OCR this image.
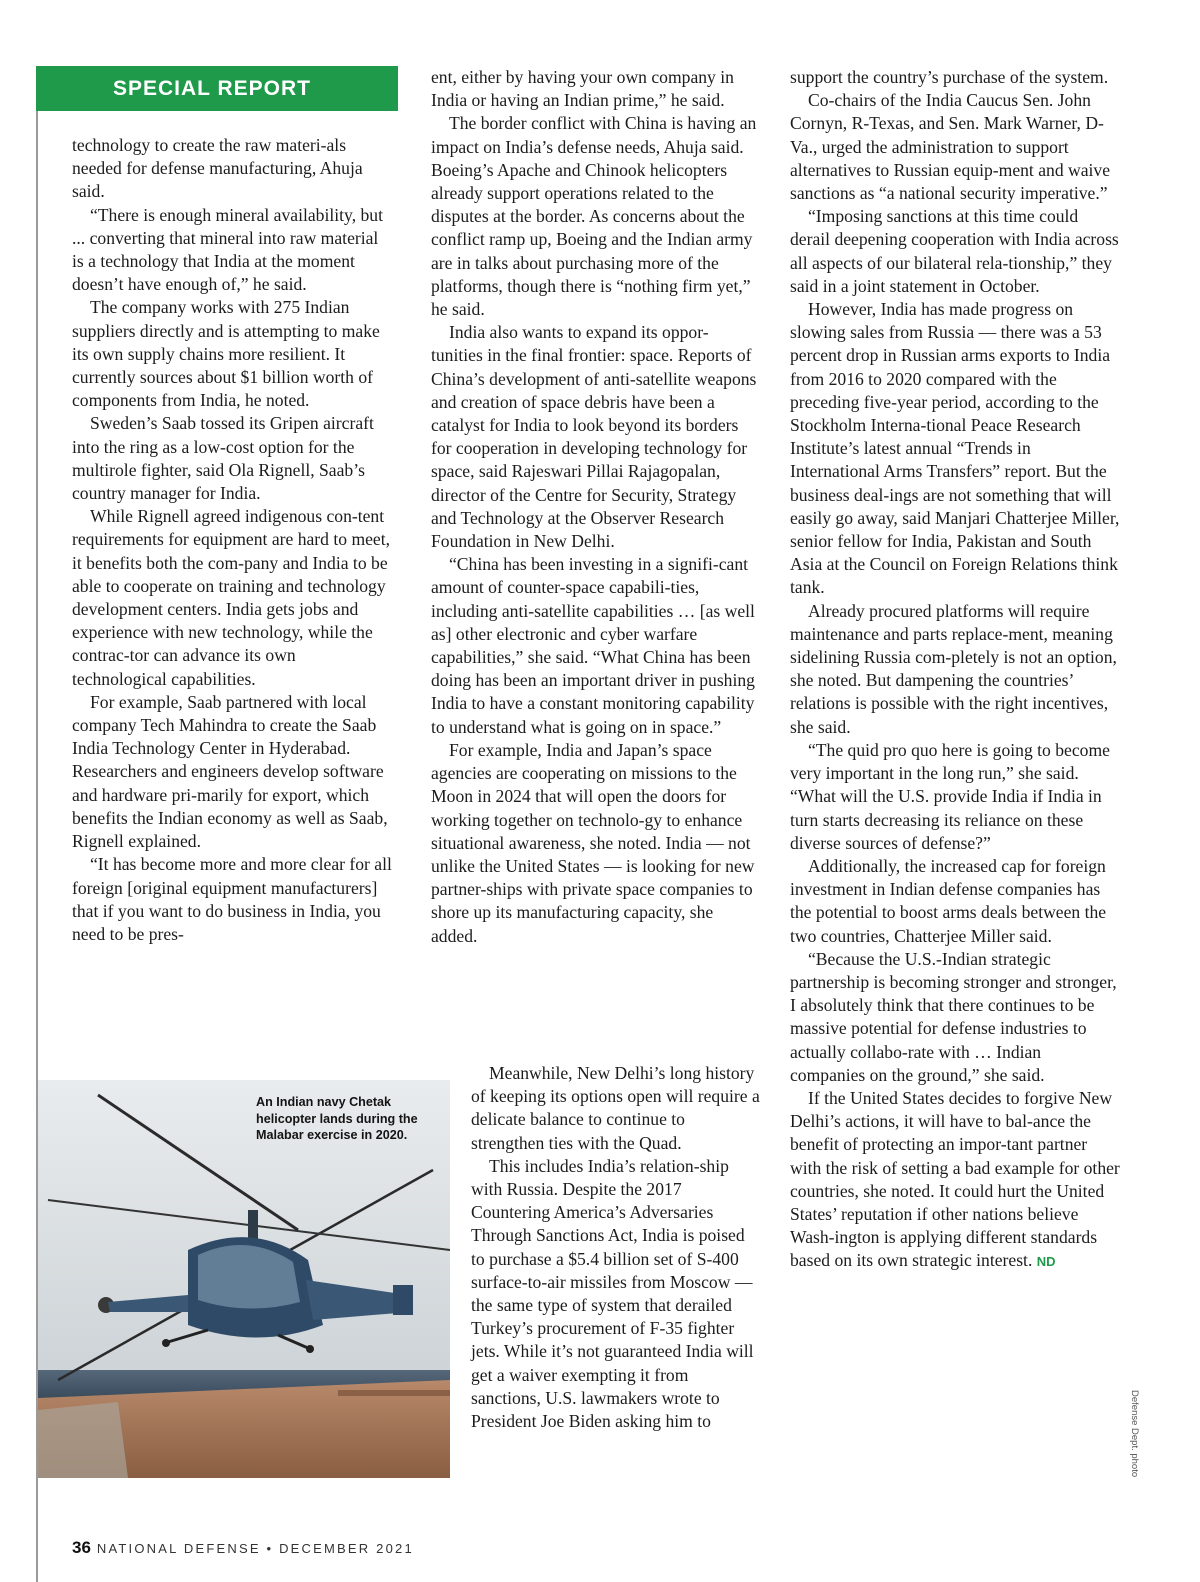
SPECIAL REPORT

technology to create the raw materi-als needed for defense manufacturing, Ahuja said.

“There is enough mineral availability, but ... converting that mineral into raw material is a technology that India at the moment doesn’t have enough of,” he said.

The company works with 275 Indian suppliers directly and is attempting to make its own supply chains more resilient. It currently sources about $1 billion worth of components from India, he noted.

Sweden’s Saab tossed its Gripen aircraft into the ring as a low-cost option for the multirole fighter, said Ola Rignell, Saab’s country manager for India.

While Rignell agreed indigenous con-tent requirements for equipment are hard to meet, it benefits both the com-pany and India to be able to cooperate on training and technology development centers. India gets jobs and experience with new technology, while the contrac-tor can advance its own technological capabilities.

For example, Saab partnered with local company Tech Mahindra to create the Saab India Technology Center in Hyderabad. Researchers and engineers develop software and hardware pri-marily for export, which benefits the Indian economy as well as Saab, Rignell explained.

“It has become more and more clear for all foreign [original equipment manufacturers] that if you want to do business in India, you need to be pres-

ent, either by having your own company in India or having an Indian prime,” he said.

The border conflict with China is having an impact on India’s defense needs, Ahuja said. Boeing’s Apache and Chinook helicopters already support operations related to the disputes at the border. As concerns about the conflict ramp up, Boeing and the Indian army are in talks about purchasing more of the platforms, though there is “nothing firm yet,” he said.

India also wants to expand its oppor-tunities in the final frontier: space. Reports of China’s development of anti-satellite weapons and creation of space debris have been a catalyst for India to look beyond its borders for cooperation in developing technology for space, said Rajeswari Pillai Rajagopalan, director of the Centre for Security, Strategy and Technology at the Observer Research Foundation in New Delhi.

“China has been investing in a signifi-cant amount of counter-space capabili-ties, including anti-satellite capabilities … [as well as] other electronic and cyber warfare capabilities,” she said. “What China has been doing has been an important driver in pushing India to have a constant monitoring capability to understand what is going on in space.”

For example, India and Japan’s space agencies are cooperating on missions to the Moon in 2024 that will open the doors for working together on technolo-gy to enhance situational awareness, she noted. India — not unlike the United States — is looking for new partner-ships with private space companies to shore up its manufacturing capacity, she added.

Meanwhile, New Delhi’s long history of keeping its options open will require a delicate balance to continue to strengthen ties with the Quad.

This includes India’s relation-ship with Russia. Despite the 2017 Countering America’s Adversaries Through Sanctions Act, India is poised to purchase a $5.4 billion set of S-400 surface-to-air missiles from Moscow — the same type of system that derailed Turkey’s procurement of F-35 fighter jets. While it’s not guaranteed India will get a waiver exempting it from sanctions, U.S. lawmakers wrote to President Joe Biden asking him to

support the country’s purchase of the system.

Co-chairs of the India Caucus Sen. John Cornyn, R-Texas, and Sen. Mark Warner, D-Va., urged the administration to support alternatives to Russian equip-ment and waive sanctions as “a national security imperative.”

“Imposing sanctions at this time could derail deepening cooperation with India across all aspects of our bilateral rela-tionship,” they said in a joint statement in October.

However, India has made progress on slowing sales from Russia — there was a 53 percent drop in Russian arms exports to India from 2016 to 2020 compared with the preceding five-year period, according to the Stockholm Interna-tional Peace Research Institute’s latest annual “Trends in International Arms Transfers” report. But the business deal-ings are not something that will easily go away, said Manjari Chatterjee Miller, senior fellow for India, Pakistan and South Asia at the Council on Foreign Relations think tank.

Already procured platforms will require maintenance and parts replace-ment, meaning sidelining Russia com-pletely is not an option, she noted. But dampening the countries’ relations is possible with the right incentives, she said.

“The quid pro quo here is going to become very important in the long run,” she said. “What will the U.S. provide India if India in turn starts decreasing its reliance on these diverse sources of defense?”

Additionally, the increased cap for foreign investment in Indian defense companies has the potential to boost arms deals between the two countries, Chatterjee Miller said.

“Because the U.S.-Indian strategic partnership is becoming stronger and stronger, I absolutely think that there continues to be massive potential for defense industries to actually collabo-rate with … Indian companies on the ground,” she said.

If the United States decides to forgive New Delhi’s actions, it will have to bal-ance the benefit of protecting an impor-tant partner with the risk of setting a bad example for other countries, she noted. It could hurt the United States’ reputation if other nations believe Wash-ington is applying different standards based on its own strategic interest. ND

An Indian navy Chetak helicopter lands during the Malabar exercise in 2020.
Defense Dept. photo
36 NATIONAL DEFENSE • DECEMBER 2021
